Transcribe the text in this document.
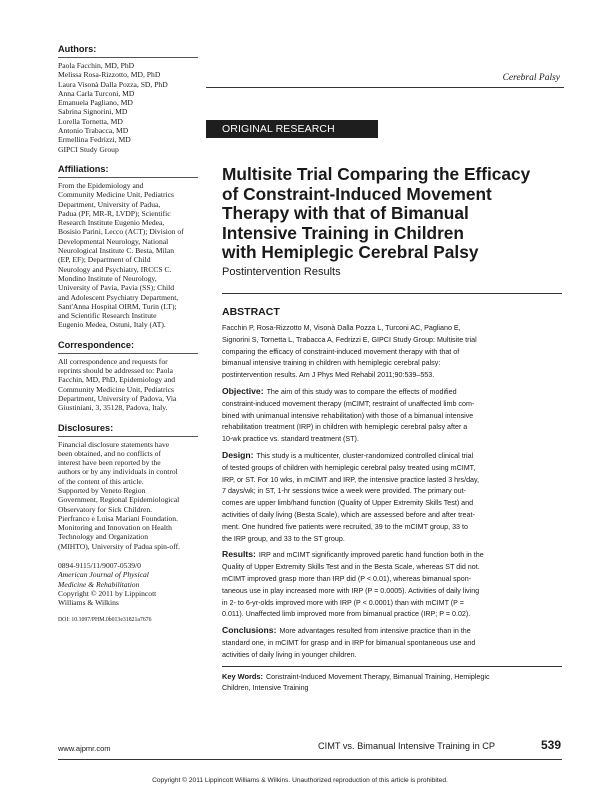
Authors:
Paola Facchin, MD, PhD
Melissa Rosa-Rizzotto, MD, PhD
Laura Visonà Dalla Pozza, SD, PhD
Anna Carla Turconi, MD
Emanuela Pagliano, MD
Sabrina Signorini, MD
Lorella Tornetta, MD
Antonio Trabacca, MD
Ermellina Fedrizzi, MD
GIPCI Study Group
Affiliations:
From the Epidemiology and
Community Medicine Unit, Pediatrics
Department, University of Padua,
Padua (PF, MR-R, LVDP); Scientific
Research Institute Eugenio Medea,
Bosisio Parini, Lecco (ACT); Division of
Developmental Neurology, National
Neurological Institute C. Besta, Milan
(EP, EF); Department of Child
Neurology and Psychiatry, IRCCS C.
Mondino Institute of Neurology,
University of Pavia, Pavia (SS); Child
and Adolescent Psychiatry Department,
Sant'Anna Hospital OIRM, Turin (LT);
and Scientific Research Institute
Eugenio Medea, Ostuni, Italy (AT).
Correspondence:
All correspondence and requests for
reprints should be addressed to: Paola
Facchin, MD, PhD, Epidemiology and
Community Medicine Unit, Pediatrics
Department, University of Padova, Via
Giustiniani, 3, 35128, Padova, Italy.
Disclosures:
Financial disclosure statements have
been obtained, and no conflicts of
interest have been reported by the
authors or by any individuals in control
of the content of this article.
Supported by Veneto Region
Government, Regional Epidemiological
Observatory for Sick Children.
Pierfranco e Luisa Mariani Foundation.
Monitoring and Innovation on Health
Technology and Organization
(MIHTO), University of Padua spin-off.
0894-9115/11/9007-0539/0
American Journal of Physical
Medicine & Rehabilitation
Copyright © 2011 by Lippincott
Williams & Wilkins
DOI: 10.1097/PHM.0b013e31821a7676
Cerebral Palsy
ORIGINAL RESEARCH ARTICLE
Multisite Trial Comparing the Efficacy
of Constraint-Induced Movement
Therapy with that of Bimanual
Intensive Training in Children
with Hemiplegic Cerebral Palsy
Postintervention Results
ABSTRACT
Facchin P, Rosa-Rizzotto M, Visonà Dalla Pozza L, Turconi AC, Pagliano E,
Signorini S, Tornetta L, Trabacca A, Fedrizzi E, GIPCI Study Group: Multisite trial
comparing the efficacy of constraint-induced movement therapy with that of
bimanual intensive training in children with hemiplegic cerebral palsy:
postintervention results. Am J Phys Med Rehabil 2011;90:539–553.
Objective: The aim of this study was to compare the effects of modified
constraint-induced movement therapy (mCIMT; restraint of unaffected limb com-
bined with unimanual intensive rehabilitation) with those of a bimanual intensive
rehabilitation treatment (IRP) in children with hemiplegic cerebral palsy after a
10-wk practice vs. standard treatment (ST).
Design: This study is a multicenter, cluster-randomized controlled clinical trial
of tested groups of children with hemiplegic cerebral palsy treated using mCIMT,
IRP, or ST. For 10 wks, in mCIMT and IRP, the intensive practice lasted 3 hrs/day,
7 days/wk; in ST, 1-hr sessions twice a week were provided. The primary out-
comes are upper limb/hand function (Quality of Upper Extremity Skills Test) and
activities of daily living (Besta Scale), which are assessed before and after treat-
ment. One hundred five patients were recruited, 39 to the mCIMT group, 33 to
the IRP group, and 33 to the ST group.
Results: IRP and mCIMT significantly improved paretic hand function both in the
Quality of Upper Extremity Skills Test and in the Besta Scale, whereas ST did not.
mCIMT improved grasp more than IRP did (P < 0.01), whereas bimanual spon-
taneous use in play increased more with IRP (P = 0.0005). Activities of daily living
in 2- to 6-yr-olds improved more with IRP (P < 0.0001) than with mCIMT (P =
0.011). Unaffected limb improved more from bimanual practice (IRP; P = 0.02).
Conclusions: More advantages resulted from intensive practice than in the
standard one, in mCIMT for grasp and in IRP for bimanual spontaneous use and
activities of daily living in younger children.
Key Words: Constraint-Induced Movement Therapy, Bimanual Training, Hemiplegic
Children, Intensive Training
www.ajpmr.com	CIMT vs. Bimanual Intensive Training in CP	539
Copyright © 2011 Lippincott Williams & Wilkins. Unauthorized reproduction of this article is prohibited.
